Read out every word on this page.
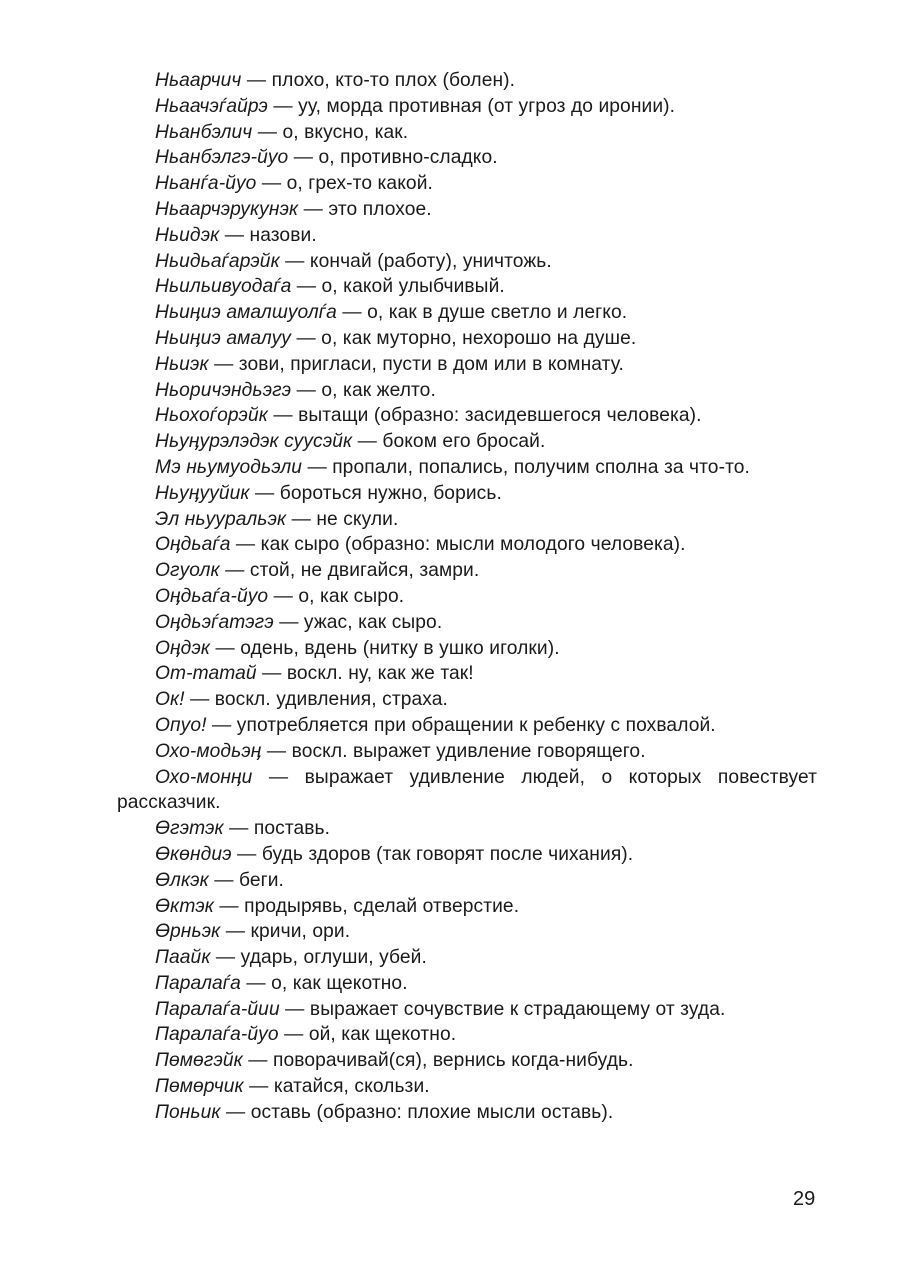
Ньаарчич — плохо, кто-то плох (болен).

Ньаачэѓайрэ — уу, морда противная (от угроз до иронии).

Ньанбэлич — о, вкусно, как.

Ньанбэлгэ-йуо — о, противно-сладко.

Ньанѓа-йуо — о, грех-то какой.

Ньаарчэрукунэк — это плохое.

Ньидэк — назови.

Ньидьаѓарэйк — кончай (работу), уничтожь.

Ньильивуодаѓа — о, какой улыбчивый.

Ньиӊиэ амалшуолѓа — о, как в душе светло и легко.

Ньиӊиэ амалуу — о, как муторно, нехорошо на душе.

Ньиэк — зови, пригласи, пусти в дом или в комнату.

Ньоричэндьэгэ — о, как желто.

Ньохоѓорэйк — вытащи (образно: засидевшегося человека).

Ньуӊурэлэдэк суусэйк — боком его бросай.

Мэ ньумуодьэли — пропали, попались, получим сполна за что-то.

Ньуӊууйик — бороться нужно, борись.

Эл ньууральэк — не скули.

Оӊдьаѓа — как сыро (образно: мысли молодого человека).

Огуолк — стой, не двигайся, замри.

Оӊдьаѓа-йуо — о, как сыро.

Оӊдьэѓатэгэ — ужас, как сыро.

Оӊдэк — одень, вдень (нитку в ушко иголки).

От-татай — воскл. ну, как же так!

Ок! — воскл. удивления, страха.

Опуо! — употребляется при обращении к ребенку с похвалой.

Охо-модьэӊ — воскл. выражет удивление говорящего.

Охо-монӊи — выражает удивление людей, о которых повествует рассказчик.

Өгэтэк — поставь.

Өкөндиэ — будь здоров (так говорят после чихания).

Өлкэк — беги.

Өктэк — продырявь, сделай отверстие.

Өрньэк — кричи, ори.

Паайк — ударь, оглуши, убей.

Паралаѓа — о, как щекотно.

Паралаѓа-йии — выражает сочувствие к страдающему от зуда.

Паралаѓа-йуо — ой, как щекотно.

Пөмөгэйк — поворачивай(ся), вернись когда-нибудь.

Пөмөрчик — катайся, скользи.

Поньик — оставь (образно: плохие мысли оставь).

29
